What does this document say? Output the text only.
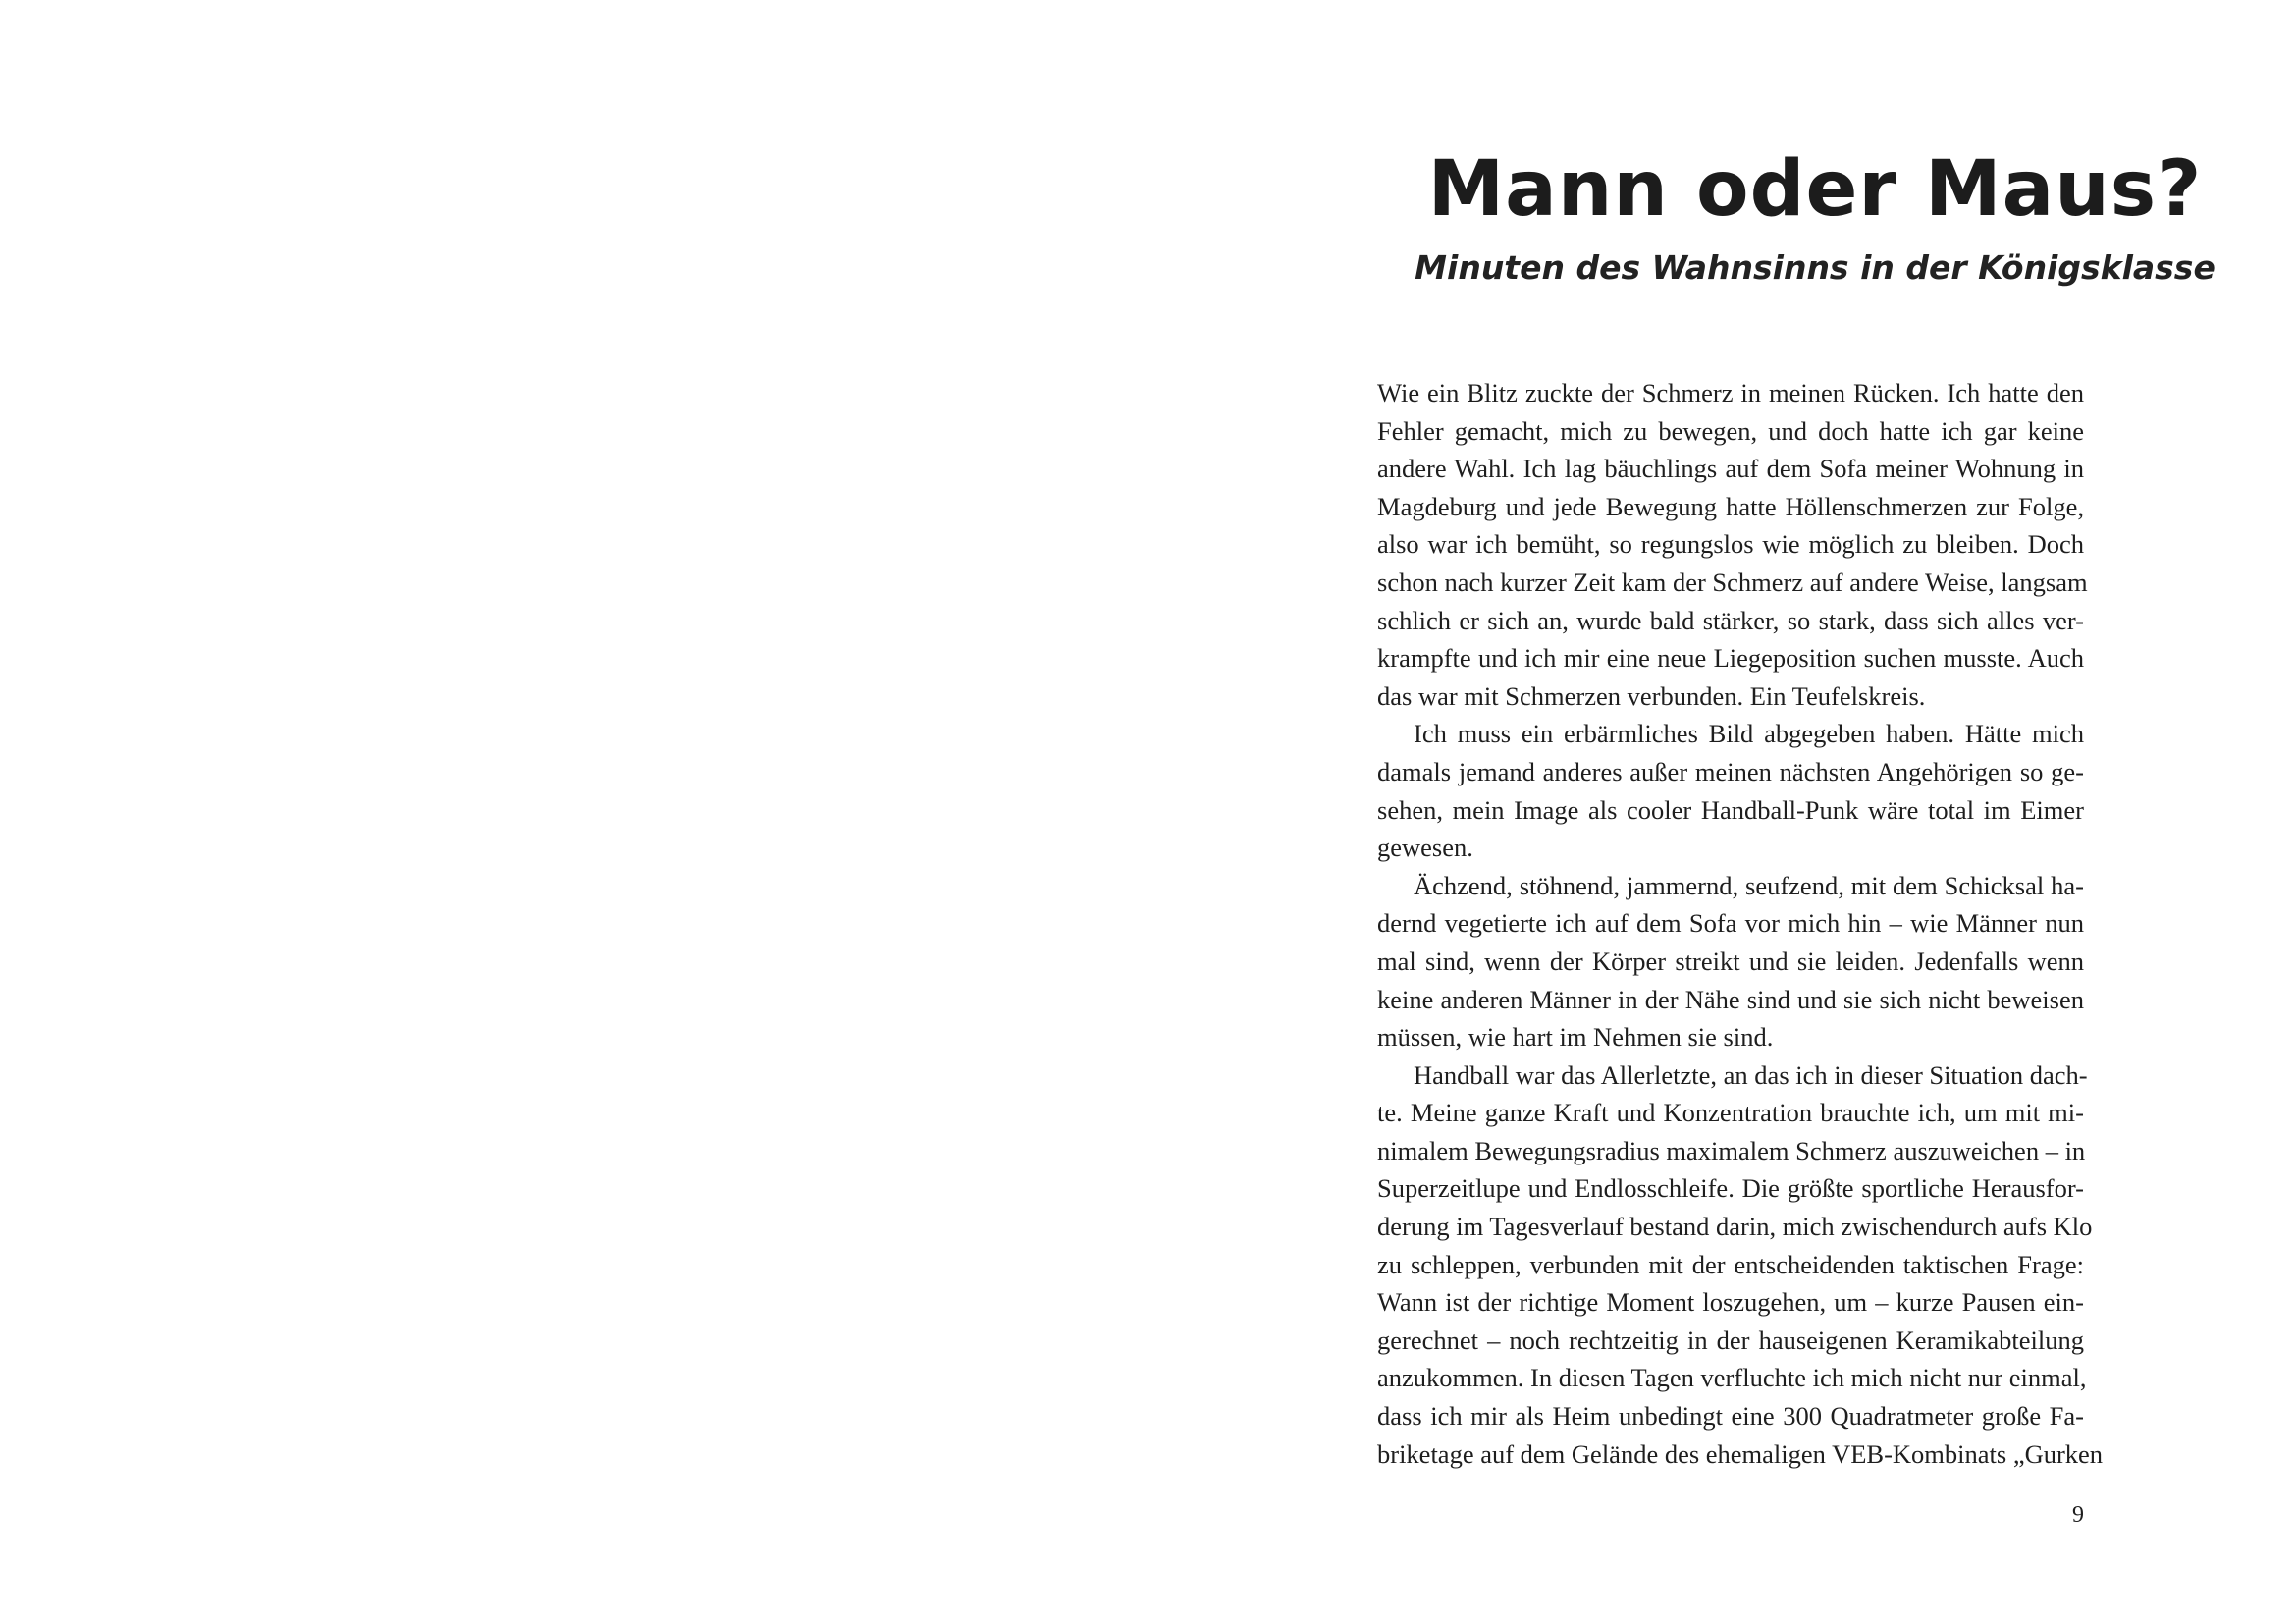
Mann oder Maus?
Minuten des Wahnsinns in der Königsklasse
Wie ein Blitz zuckte der Schmerz in meinen Rücken. Ich hatte den
Fehler gemacht, mich zu bewegen, und doch hatte ich gar keine
andere Wahl. Ich lag bäuchlings auf dem Sofa meiner Wohnung in
Magdeburg und jede Bewegung hatte Höllenschmerzen zur Folge,
also war ich bemüht, so regungslos wie möglich zu bleiben. Doch
schon nach kurzer Zeit kam der Schmerz auf andere Weise, langsam
schlich er sich an, wurde bald stärker, so stark, dass sich alles ver-
krampfte und ich mir eine neue Liegeposition suchen musste. Auch
das war mit Schmerzen verbunden. Ein Teufelskreis.
Ich muss ein erbärmliches Bild abgegeben haben. Hätte mich
damals jemand anderes außer meinen nächsten Angehörigen so ge-
sehen, mein Image als cooler Handball-Punk wäre total im Eimer
gewesen.
Ächzend, stöhnend, jammernd, seufzend, mit dem Schicksal ha-
dernd vegetierte ich auf dem Sofa vor mich hin – wie Männer nun
mal sind, wenn der Körper streikt und sie leiden. Jedenfalls wenn
keine anderen Männer in der Nähe sind und sie sich nicht beweisen
müssen, wie hart im Nehmen sie sind.
Handball war das Allerletzte, an das ich in dieser Situation dach-
te. Meine ganze Kraft und Konzentration brauchte ich, um mit mi-
nimalem Bewegungsradius maximalem Schmerz auszuweichen – in
Superzeitlupe und Endlosschleife. Die größte sportliche Herausfor-
derung im Tagesverlauf bestand darin, mich zwischendurch aufs Klo
zu schleppen, verbunden mit der entscheidenden taktischen Frage:
Wann ist der richtige Moment loszugehen, um – kurze Pausen ein-
gerechnet – noch rechtzeitig in der hauseigenen Keramikabteilung
anzukommen. In diesen Tagen verfluchte ich mich nicht nur einmal,
dass ich mir als Heim unbedingt eine 300 Quadratmeter große Fa-
briketage auf dem Gelände des ehemaligen VEB-Kombinats „Gurken
9
